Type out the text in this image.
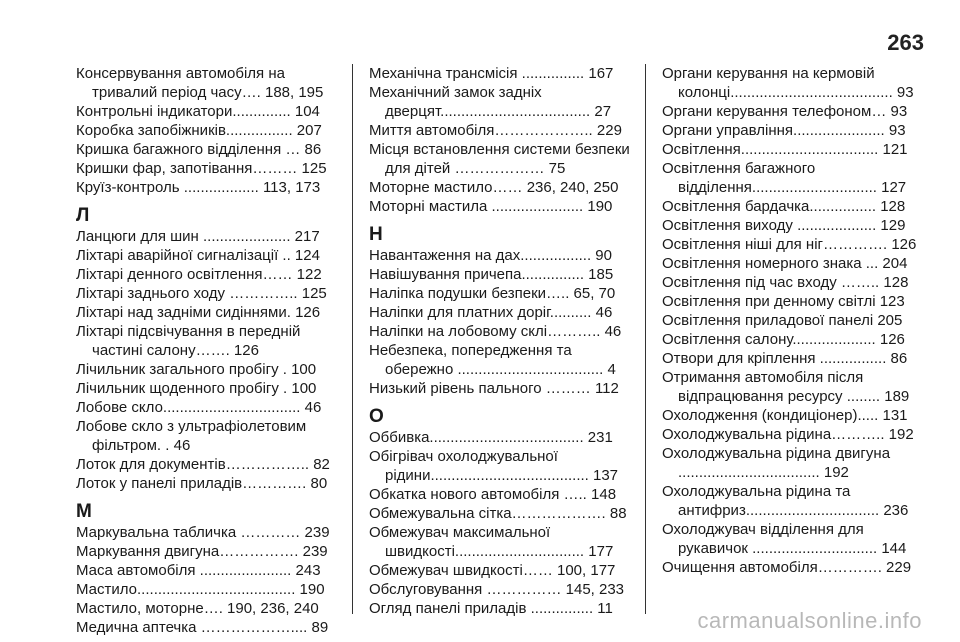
263

Консервування автомобіля на тривалий період часу…. 188, 195

Контрольні індикатори.............. 104

Коробка запобіжників................ 207

Кришка багажного відділення … 86

Кришки фар, запотівання……… 125

Круїз-контроль .................. 113, 173

Л

Ланцюги для шин ..................... 217

Ліхтарі аварійної сигналізації .. 124

Ліхтарі денного освітлення…… 122

Ліхтарі заднього ходу ………….. 125

Ліхтарі над задніми сидіннями. 126

Ліхтарі підсвічування в передній частині салону……. 126

Лічильник загального пробігу . 100

Лічильник щоденного пробігу . 100

Лобове скло................................. 46

Лобове скло з ультрафіолетовим фільтром. . 46

Лоток для документів…………….. 82

Лоток у панелі приладів…………. 80

М

Маркувальна табличка ………… 239

Маркування двигуна……………. 239

Маса автомобіля ...................... 243

Мастило...................................... 190

Мастило, моторне…. 190, 236, 240

Медична аптечка ……………….... 89

Механічна трансмісія ............... 167

Механічний замок задніх дверцят.................................... 27

Миття автомобіля……………….. 229

Місця встановлення системи безпеки для дітей ……………… 75

Моторне мастило…… 236, 240, 250

Моторні мастила ...................... 190

Н

Навантаження на дах................. 90

Навішування причепа............... 185

Наліпка подушки безпеки….. 65, 70

Наліпки для платних доріг.......... 46

Наліпки на лобовому склі……….. 46

Небезпека, попередження та обережно ................................... 4

Низький рівень пального ……… 112

О

Оббивка..................................... 231

Обігрівач охолоджувальної рідини...................................... 137

Обкатка нового автомобіля ….. 148

Обмежувальна сітка………………. 88

Обмежувач максимальної швидкості............................... 177

Обмежувач швидкості…… 100, 177

Обслуговування …………… 145, 233

Огляд панелі приладів ............... 11

Органи керування на кермовій колонці....................................... 93

Органи керування телефоном… 93

Органи управління...................... 93

Освітлення................................. 121

Освітлення багажного відділення.............................. 127

Освітлення бардачка................ 128

Освітлення виходу ................... 129

Освітлення ніші для ніг…………. 126

Освітлення номерного знака ... 204

Освітлення під час входу …….. 128

Освітлення при денному світлі 123

Освітлення приладової панелі 205

Освітлення салону.................... 126

Отвори для кріплення ................ 86

Отримання автомобіля після відпрацювання ресурсу ........ 189

Охолодження (кондиціонер)..... 131

Охолоджувальна рідина……….. 192

Охолоджувальна рідина двигуна .................................. 192

Охолоджувальна рідина та антифриз................................ 236

Охолоджувач відділення для рукавичок .............................. 144

Очищення автомобіля…………. 229

carmanualsonline.info
